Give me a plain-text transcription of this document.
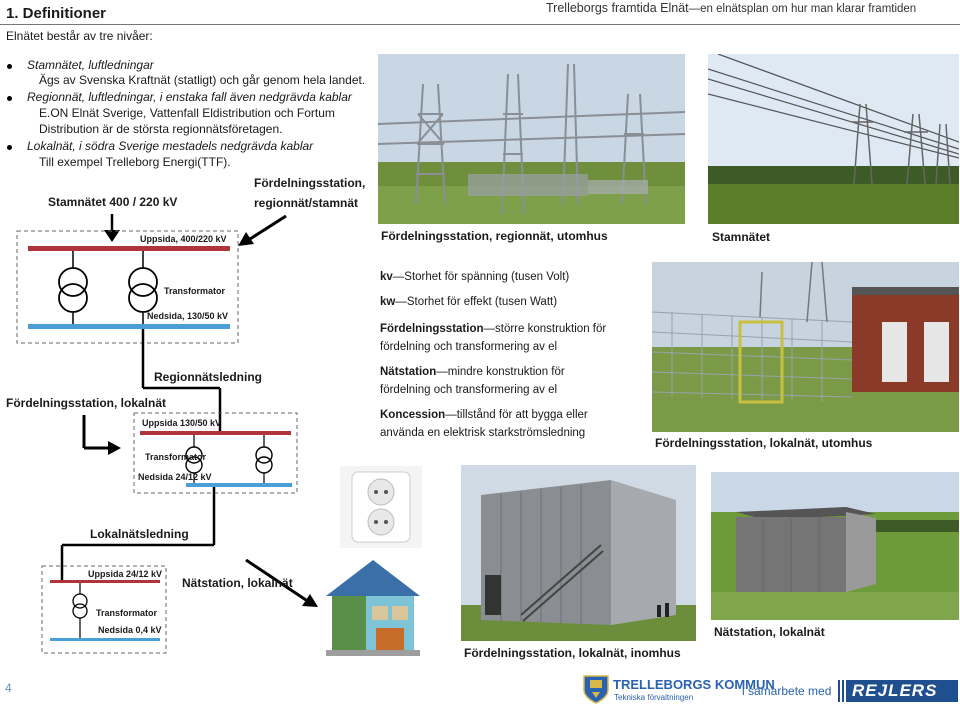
1. Definitioner	Trelleborgs framtida Elnät—en elnätsplan om hur man klarar framtiden
Elnätet består av tre nivåer:
Stamnätet, luftledningar
Ägs av Svenska Kraftnät (statligt) och går genom hela landet.
Regionnät, luftledningar, i enstaka fall även nedgrävda kablar
E.ON Elnät Sverige, Vattenfall Eldistribution och Fortum Distribution är de största regionnätsföretagen.
Lokalnät, i södra Sverige mestadels nedgrävda kablar
Till exempel Trelleborg Energi(TTF).
Stamnätet 400 / 220 kV
Fördelningsstation, regionnät/stamnät
Uppsida, 400/220 kV
Transformator
Nedsida, 130/50 kV
Regionnätsledning
Fördelningsstation, lokalnät
Uppsida 130/50 kV
Transformator
Nedsida 24/12 kV
Lokalnätsledning
Uppsida 24/12 kV
Nätstation, lokalnät
Transformator
Nedsida 0,4 kV
Fördelningsstation, regionnät, utomhus	Stamnätet
kv—Storhet för spänning (tusen Volt)
kw—Storhet för effekt (tusen Watt)
Fördelningsstation—större konstruktion för fördelning och transformering av el
Nätstation—mindre konstruktion för fördelning och transformering av el
Koncession—tillstånd för att bygga eller använda en elektrisk starkströmsledning
Fördelningsstation, lokalnät, utomhus
Fördelningsstation, lokalnät, inomhus
Nätstation, lokalnät
4	TRELLEBORGS KOMMUN
Tekniska förvaltningen	i samarbete med REJLERS
